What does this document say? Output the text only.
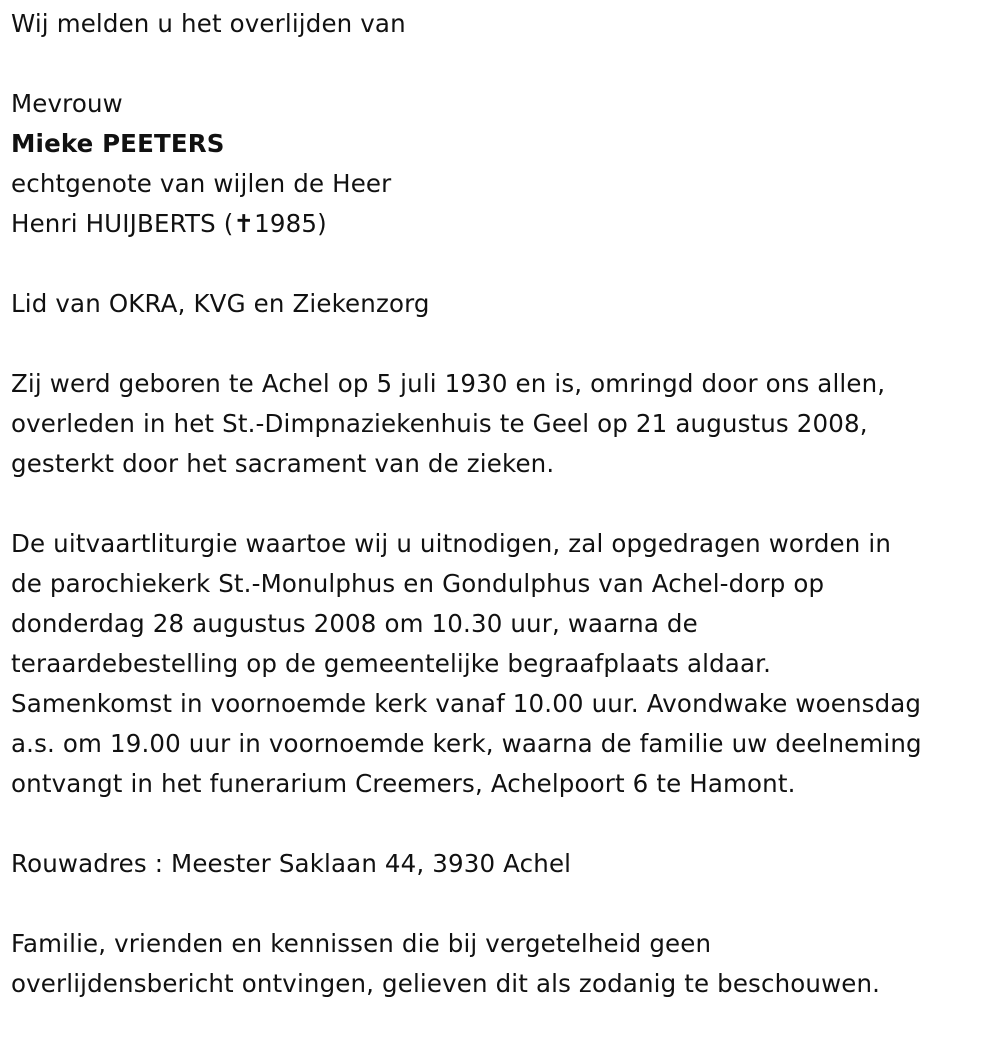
Wij melden u het overlijden van
Mevrouw
Mieke PEETERS
echtgenote van wijlen de Heer
Henri HUIJBERTS (✝1985)
Lid van OKRA, KVG en Ziekenzorg
Zij werd geboren te Achel op 5 juli 1930 en is, omringd door ons allen,
overleden in het St.-Dimpnaziekenhuis te Geel op 21 augustus 2008,
gesterkt door het sacrament van de zieken.
De uitvaartliturgie waartoe wij u uitnodigen, zal opgedragen worden in
de parochiekerk St.-Monulphus en Gondulphus van Achel-dorp op
donderdag 28 augustus 2008 om 10.30 uur, waarna de
teraardebestelling op de gemeentelijke begraafplaats aldaar.
Samenkomst in voornoemde kerk vanaf 10.00 uur. Avondwake woensdag
a.s. om 19.00 uur in voornoemde kerk, waarna de familie uw deelneming
ontvangt in het funerarium Creemers, Achelpoort 6 te Hamont.
Rouwadres : Meester Saklaan 44, 3930 Achel
Familie, vrienden en kennissen die bij vergetelheid geen
overlijdensbericht ontvingen, gelieven dit als zodanig te beschouwen.
